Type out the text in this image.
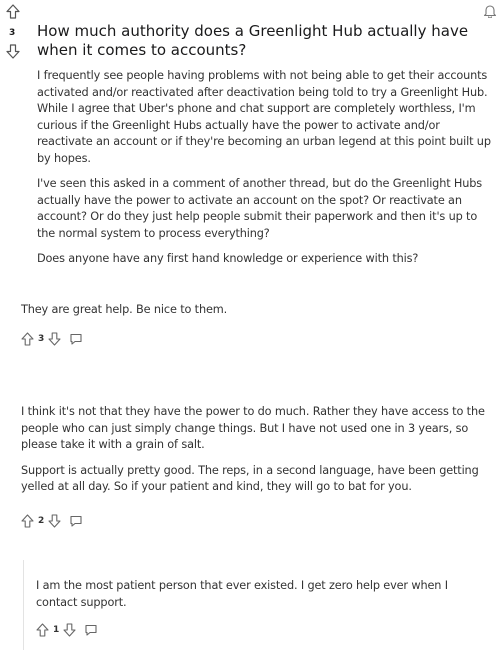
3 How much authority does a Greenlight Hub actually have when it comes to accounts?

I frequently see people having problems with not being able to get their accounts activated and/or reactivated after deactivation being told to try a Greenlight Hub. While I agree that Uber's phone and chat support are completely worthless, I'm curious if the Greenlight Hubs actually have the power to activate and/or reactivate an account or if they're becoming an urban legend at this point built up by hopes.

I've seen this asked in a comment of another thread, but do the Greenlight Hubs actually have the power to activate an account on the spot? Or reactivate an account? Or do they just help people submit their paperwork and then it's up to the normal system to process everything?

Does anyone have any first hand knowledge or experience with this?

They are great help. Be nice to them.

3

I think it's not that they have the power to do much. Rather they have access to the people who can just simply change things. But I have not used one in 3 years, so please take it with a grain of salt.

Support is actually pretty good. The reps, in a second language, have been getting yelled at all day. So if your patient and kind, they will go to bat for you.

2

I am the most patient person that ever existed. I get zero help ever when I contact support.

1
